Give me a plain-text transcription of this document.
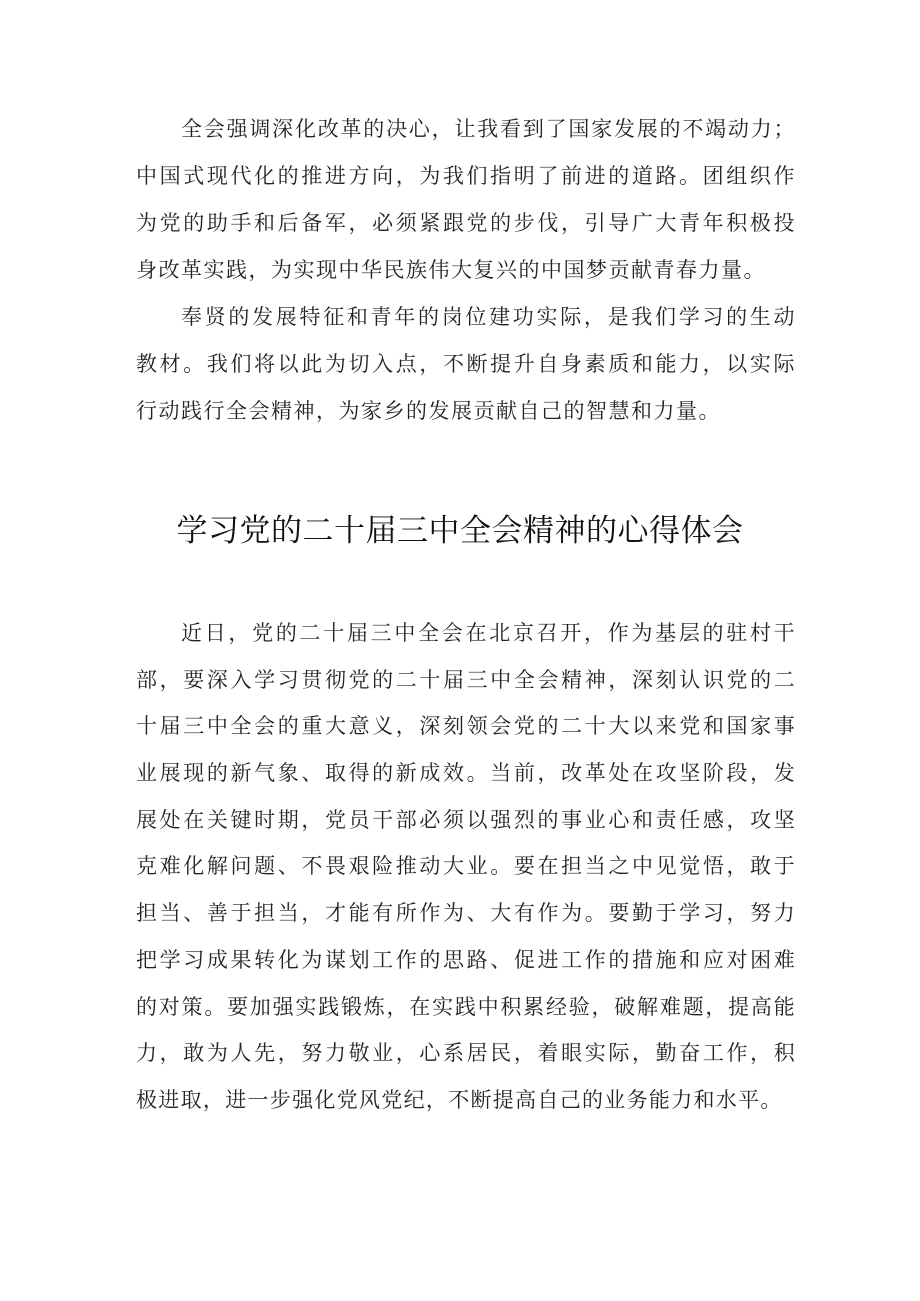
全会强调深化改革的决心，让我看到了国家发展的不竭动力；
中国式现代化的推进方向，为我们指明了前进的道路。团组织作
为党的助手和后备军，必须紧跟党的步伐，引导广大青年积极投
身改革实践，为实现中华民族伟大复兴的中国梦贡献青春力量。
奉贤的发展特征和青年的岗位建功实际，是我们学习的生动
教材。我们将以此为切入点，不断提升自身素质和能力，以实际
行动践行全会精神，为家乡的发展贡献自己的智慧和力量。
学习党的二十届三中全会精神的心得体会
近日，党的二十届三中全会在北京召开，作为基层的驻村干
部，要深入学习贯彻党的二十届三中全会精神，深刻认识党的二
十届三中全会的重大意义，深刻领会党的二十大以来党和国家事
业展现的新气象、取得的新成效。当前，改革处在攻坚阶段，发
展处在关键时期，党员干部必须以强烈的事业心和责任感，攻坚
克难化解问题、不畏艰险推动大业。要在担当之中见觉悟，敢于
担当、善于担当，才能有所作为、大有作为。要勤于学习，努力
把学习成果转化为谋划工作的思路、促进工作的措施和应对困难
的对策。要加强实践锻炼，在实践中积累经验，破解难题，提高能
力，敢为人先，努力敬业，心系居民，着眼实际，勤奋工作，积
极进取，进一步强化党风党纪，不断提高自己的业务能力和水平。
